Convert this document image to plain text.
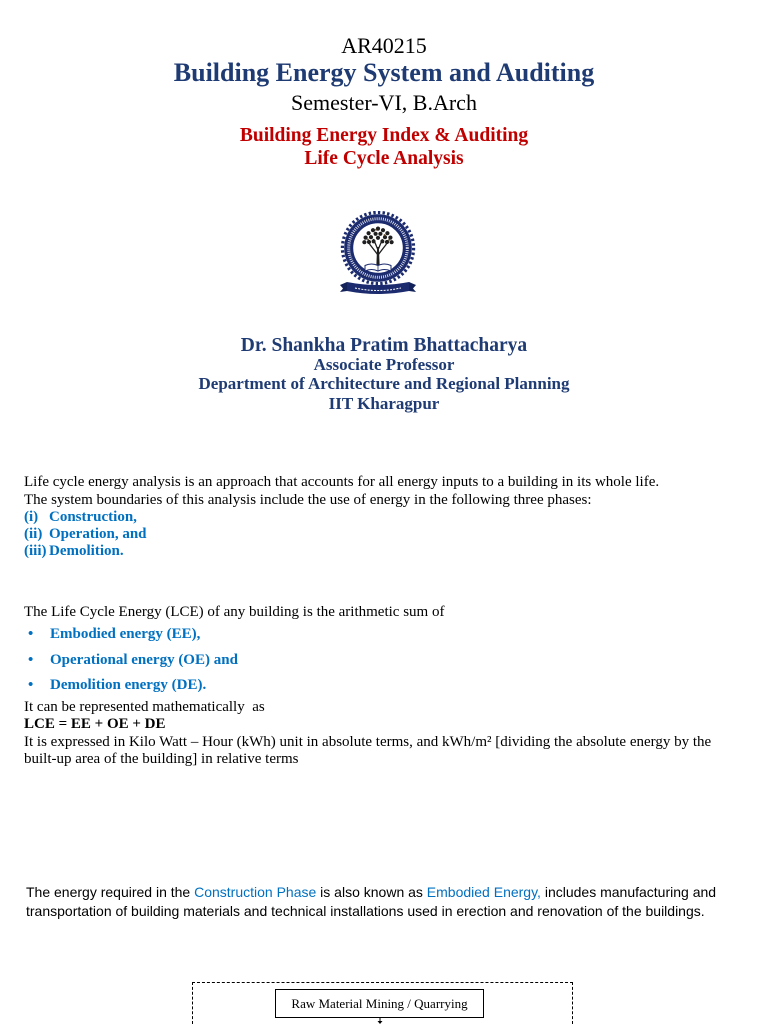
AR40215
Building Energy System and Auditing
Semester-VI, B.Arch
Building Energy Index & Auditing
Life Cycle Analysis
Dr. Shankha Pratim Bhattacharya
Associate Professor
Department of Architecture and Regional Planning
IIT Kharagpur
Life cycle energy analysis is an approach that accounts for all energy inputs to a building in its whole life.
The system boundaries of this analysis include the use of energy in the following three phases:
(i) Construction,
(ii) Operation, and
(iii) Demolition.
The Life Cycle Energy (LCE) of any building is the arithmetic sum of
• Embodied energy (EE),
• Operational energy (OE) and
• Demolition energy (DE).
It can be represented mathematically  as
LCE = EE + OE + DE
It is expressed in Kilo Watt – Hour (kWh) unit in absolute terms, and kWh/m² [dividing the absolute energy by the
built-up area of the building] in relative terms
The energy required in the Construction Phase is also known as Embodied Energy, includes manufacturing and
transportation of building materials and technical installations used in erection and renovation of the buildings.
Raw Material Mining / Quarrying
